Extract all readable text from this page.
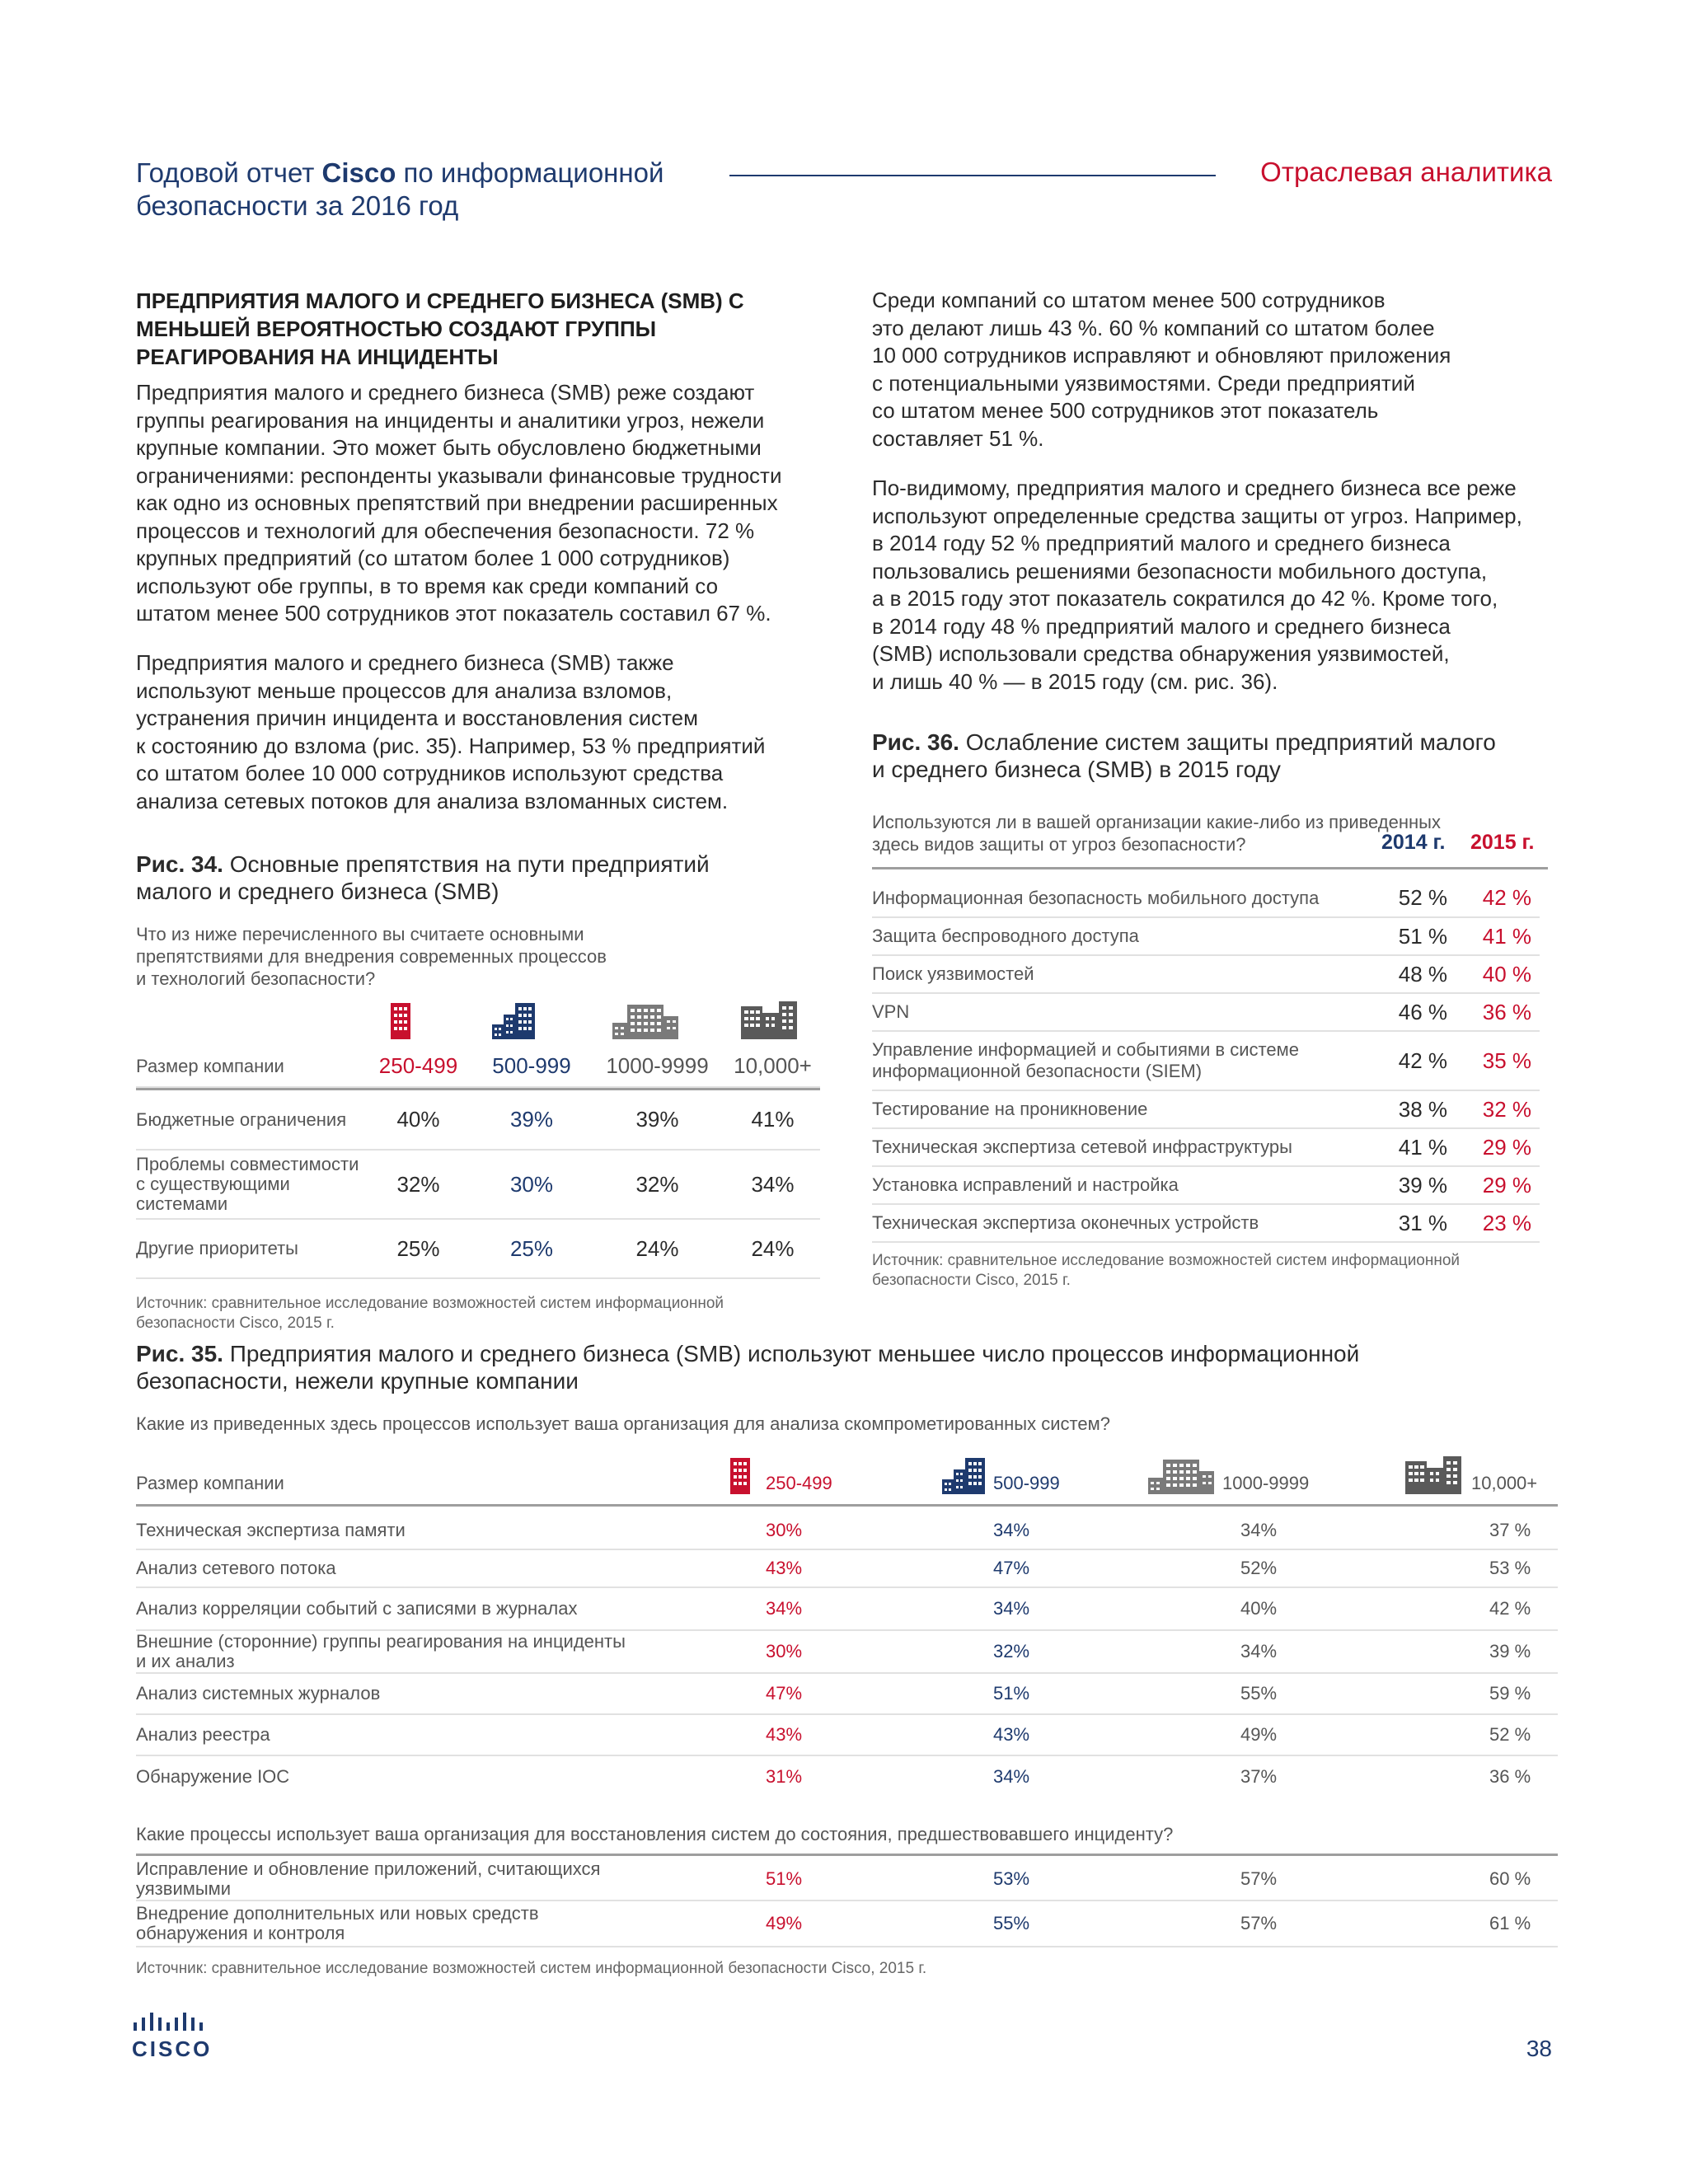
Годовой отчет Cisco по информационной
безопасности за 2016 год
Отраслевая аналитика
ПРЕДПРИЯТИЯ МАЛОГО И СРЕДНЕГО БИЗНЕСА (SMB) С МЕНЬШЕЙ ВЕРОЯТНОСТЬЮ СОЗДАЮТ ГРУППЫ РЕАГИРОВАНИЯ НА ИНЦИДЕНТЫ

Предприятия малого и среднего бизнеса (SMB) реже создают
группы реагирования на инциденты и аналитики угроз, нежели
крупные компании. Это может быть обусловлено бюджетными
ограничениями: респонденты указывали финансовые трудности
как одно из основных препятствий при внедрении расширенных
процессов и технологий для обеспечения безопасности. 72 %
крупных предприятий (со штатом более 1 000 сотрудников)
используют обе группы, в то время как среди компаний со
штатом менее 500 сотрудников этот показатель составил 67 %.

Предприятия малого и среднего бизнеса (SMB) также
используют меньше процессов для анализа взломов,
устранения причин инцидента и восстановления систем
к состоянию до взлома (рис. 35). Например, 53 % предприятий
со штатом более 10 000 сотрудников используют средства
анализа сетевых потоков для анализа взломанных систем.

Среди компаний со штатом менее 500 сотрудников
это делают лишь 43 %. 60 % компаний со штатом более
10 000 сотрудников исправляют и обновляют приложения
с потенциальными уязвимостями. Среди предприятий
со штатом менее 500 сотрудников этот показатель
составляет 51 %.

По-видимому, предприятия малого и среднего бизнеса все реже
используют определенные средства защиты от угроз. Например,
в 2014 году 52 % предприятий малого и среднего бизнеса
пользовались решениями безопасности мобильного доступа,
а в 2015 году этот показатель сократился до 42 %. Кроме того,
в 2014 году 48 % предприятий малого и среднего бизнеса
(SMB) использовали средства обнаружения уязвимостей,
и лишь 40 % — в 2015 году (см. рис. 36).

Рис. 34. Основные препятствия на пути предприятий
малого и среднего бизнеса (SMB)
Что из ниже перечисленного вы считаете основными
препятствиями для внедрения современных процессов
и технологий безопасности?
Размер компании	250-499	500-999	1000-9999	10,000+

Бюджетные ограничения	40%	39%	39%	41%
Проблемы совместимости
с существующими
системами	32%	30%	32%	34%
Другие приоритеты	25%	25%	24%	24%
Источник: сравнительное исследование возможностей систем информационной
безопасности Cisco, 2015 г.
Рис. 36. Ослабление систем защиты предприятий малого
и среднего бизнеса (SMB) в 2015 году
Используются ли в вашей организации какие-либо из приведенных
здесь видов защиты от угроз безопасности?	2014 г. 2015 г.
Информационная безопасность мобильного доступа	52 %	42 %
Защита беспроводного доступа	51 %	41 %
Поиск уязвимостей	48 %	40 %
VPN	46 %	36 %
Управление информацией и событиями в системе
информационной безопасности (SIEM)	42 %	35 %
Тестирование на проникновение	38 %	32 %
Техническая экспертиза сетевой инфраструктуры	41 %	29 %
Установка исправлений и настройка	39 %	29 %
Техническая экспертиза оконечных устройств	31 %	23 %
Источник: сравнительное исследование возможностей систем информационной
безопасности Cisco, 2015 г.
Рис. 35. Предприятия малого и среднего бизнеса (SMB) используют меньшее число процессов информационной
безопасности, нежели крупные компании
Какие из приведенных здесь процессов использует ваша организация для анализа скомпрометированных систем?
Размер компании	250-499	500-999	1000-9999	10,000+
Техническая экспертиза памяти	30%	34%	34%	37 %
Анализ сетевого потока	43%	47%	52%	53 %
Анализ корреляции событий с записями в журналах	34%	34%	40%	42 %
Внешние (сторонние) группы реагирования на инциденты
и их анализ	30%	32%	34%	39 %
Анализ системных журналов	47%	51%	55%	59 %
Анализ реестра	43%	43%	49%	52 %
Обнаружение IOC	31%	34%	37%	36 %
Какие процессы использует ваша организация для восстановления систем до состояния, предшествовавшего инциденту?
Исправление и обновление приложений, считающихся
уязвимыми	51%	53%	57%	60 %
Внедрение дополнительных или новых средств
обнаружения и контроля	49%	55%	57%	61 %
Источник: сравнительное исследование возможностей систем информационной безопасности Cisco, 2015 г.
CISCO	38
